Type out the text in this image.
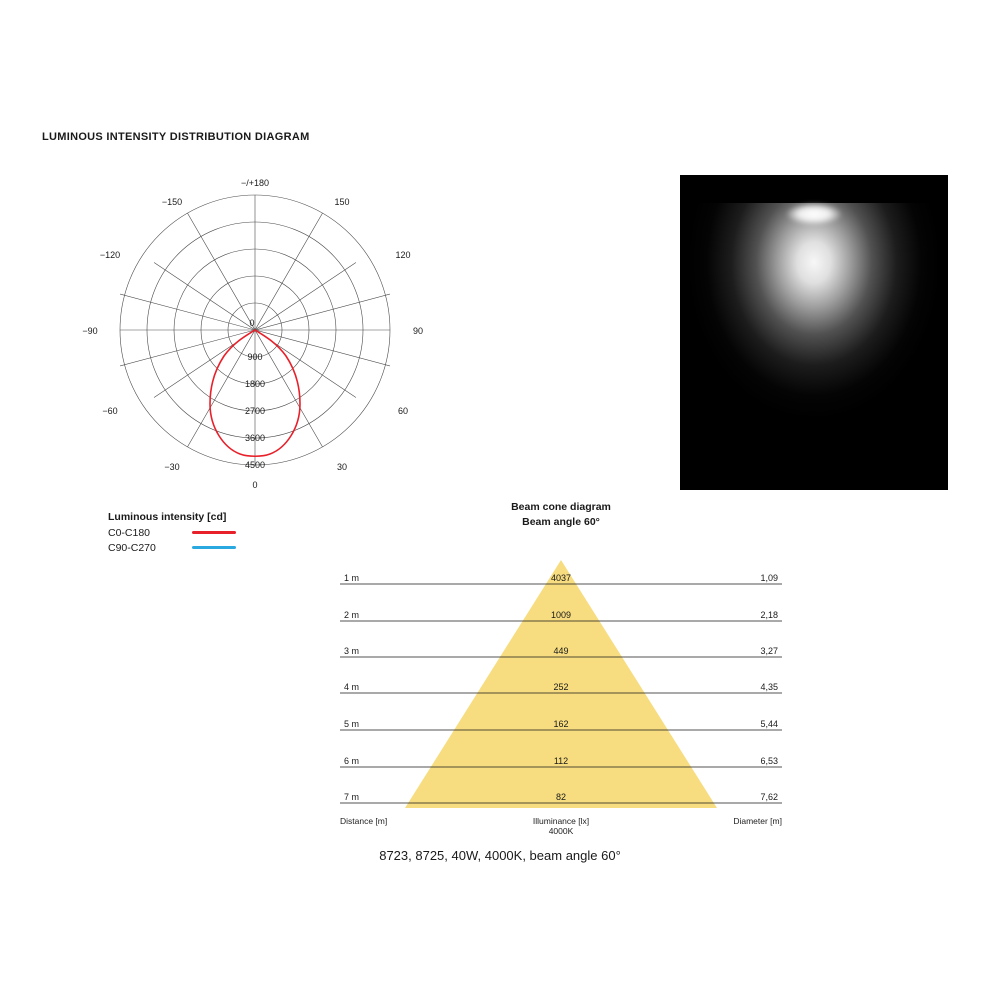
LUMINOUS INTENSITY DISTRIBUTION DIAGRAM
−/+180
−150	150
−120	120
−90	90
−60	60
−30	30
0
0
900
1800
2700
3600
4500
Luminous intensity [cd]
C0-C180
C90-C270
Beam cone diagram
Beam angle 60°
1 m	4037	1,09
2 m	1009	2,18
3 m	449	3,27
4 m	252	4,35
5 m	162	5,44
6 m	112	6,53
7 m	82	7,62
Distance [m]	Illuminance [lx]
4000K
Diameter [m]
8723, 8725, 40W, 4000K, beam angle 60°
